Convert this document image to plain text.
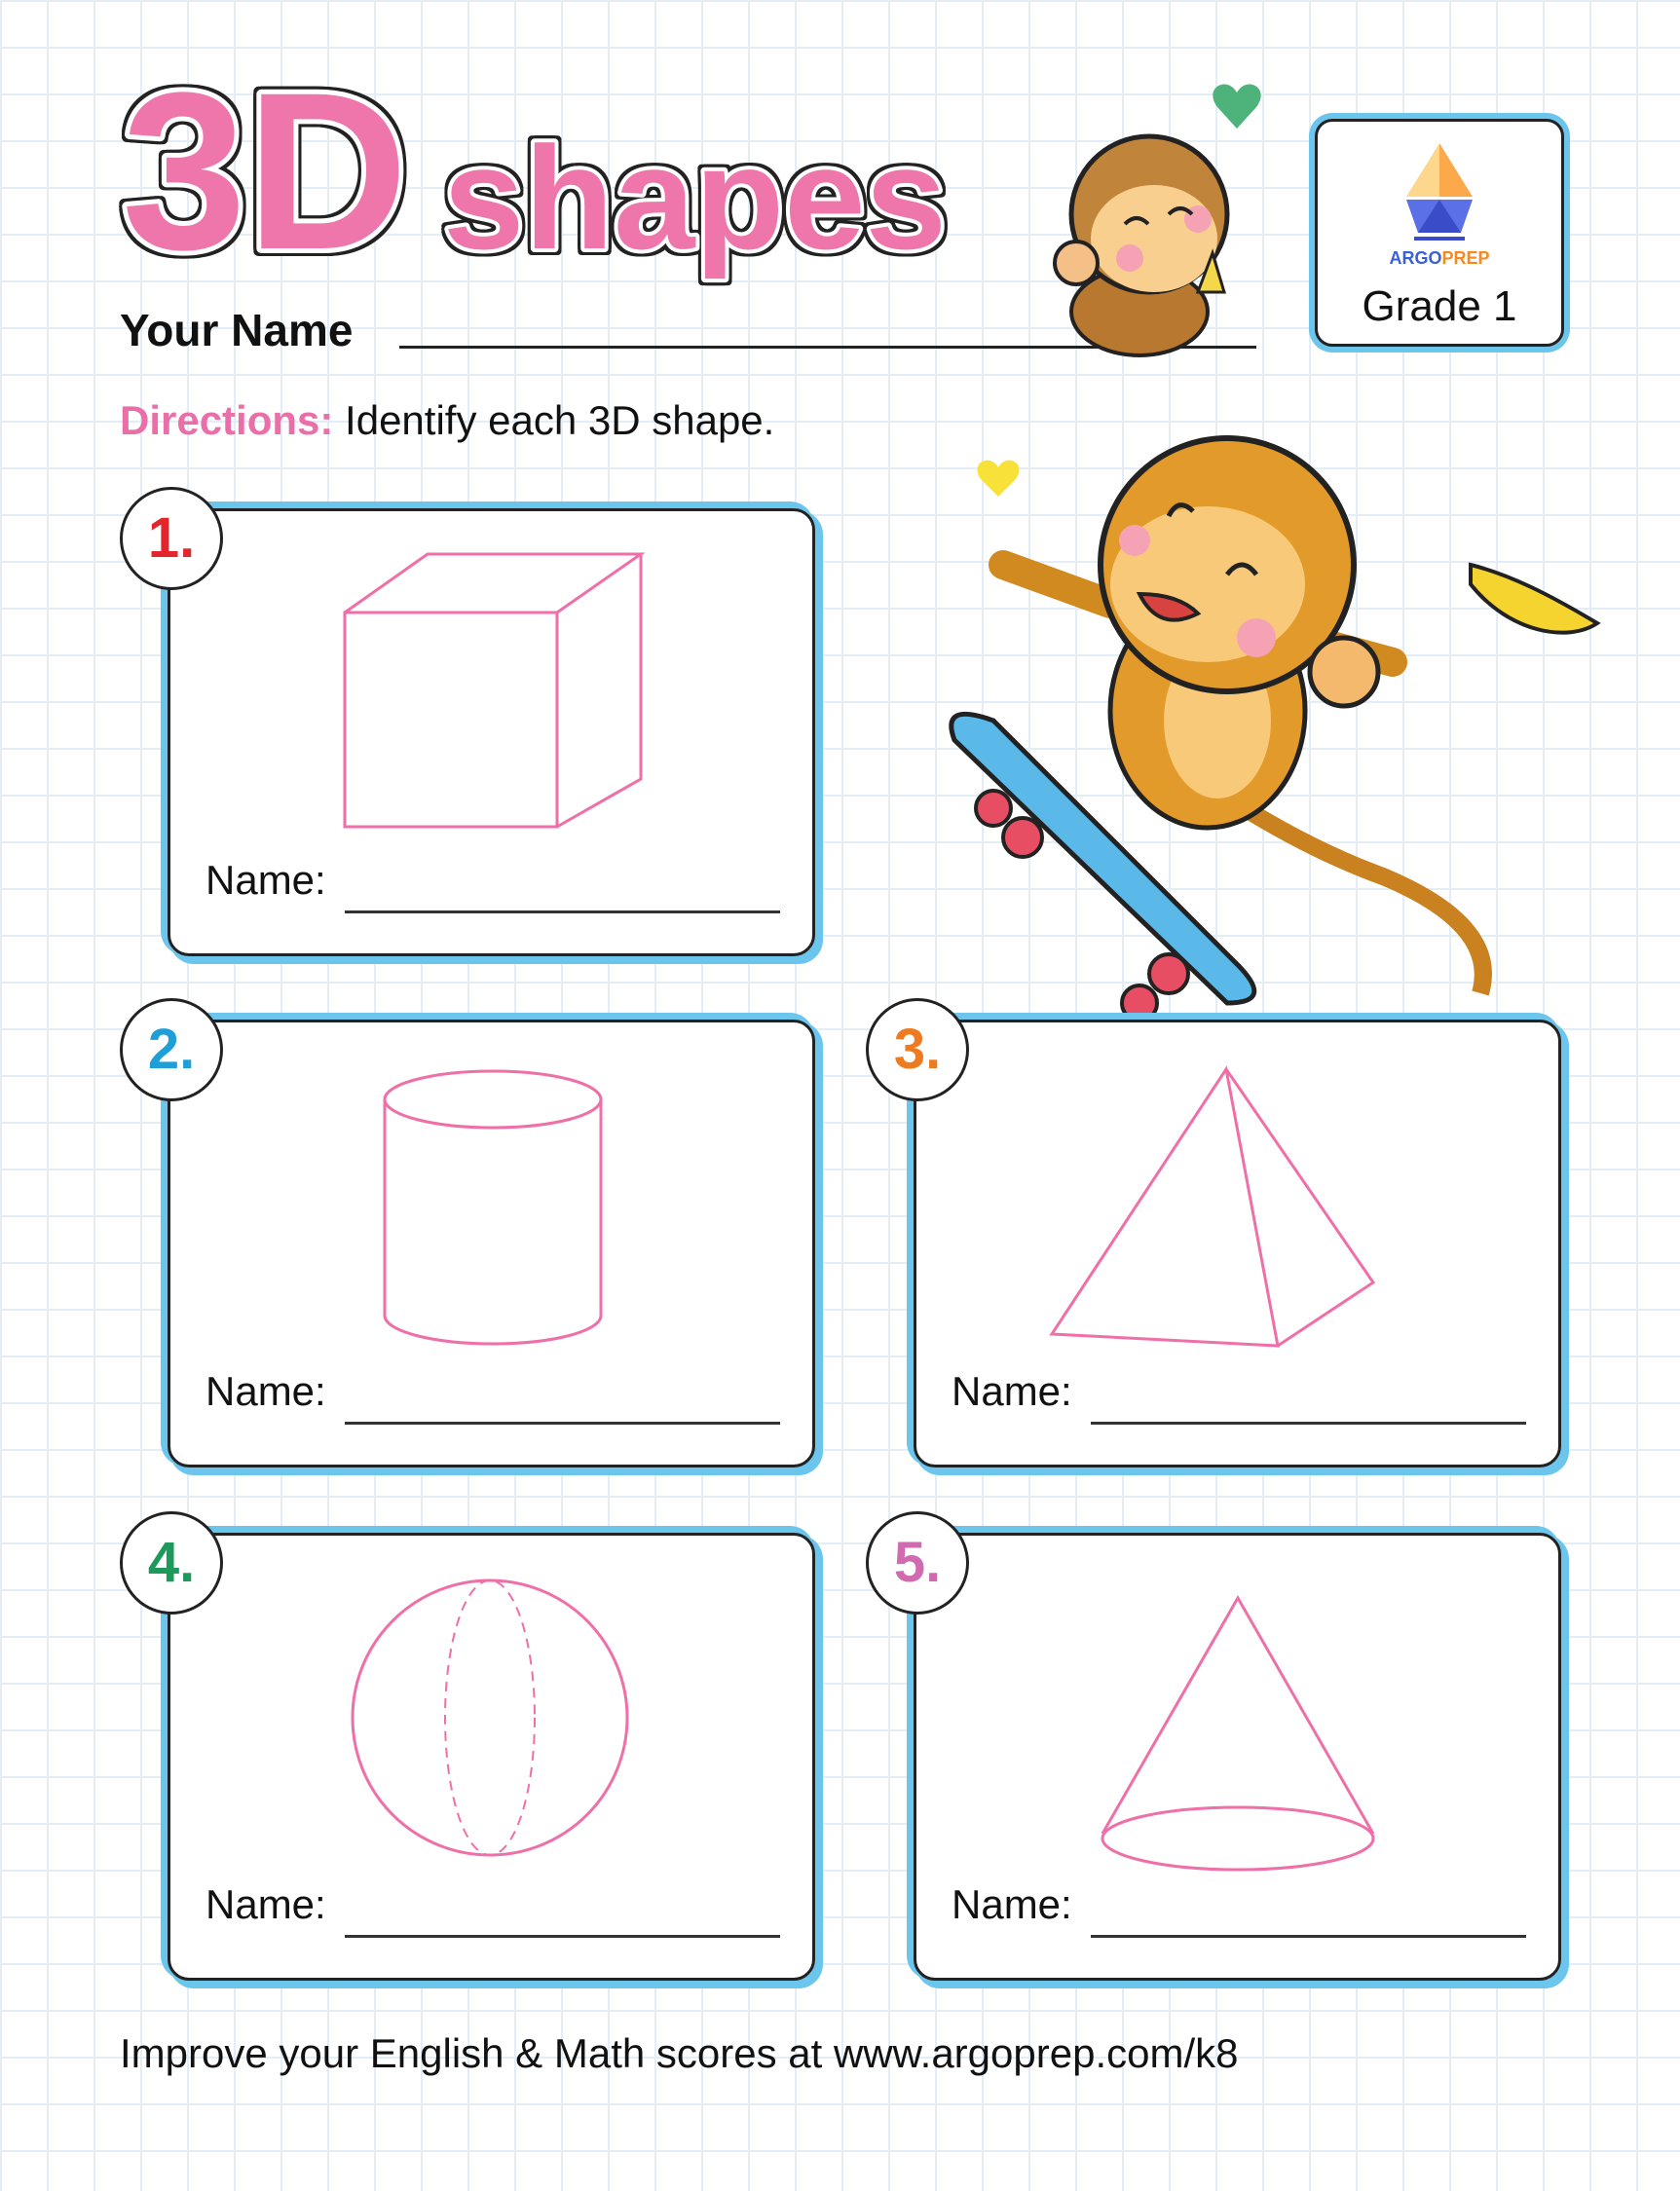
3D shapes
Your Name
ARGOPREP
Grade 1
Directions: Identify each 3D shape.
1.
Name:
2.
Name:
3.
Name:
4.
Name:
5.
Name:
Improve your English & Math scores at www.argoprep.com/k8
